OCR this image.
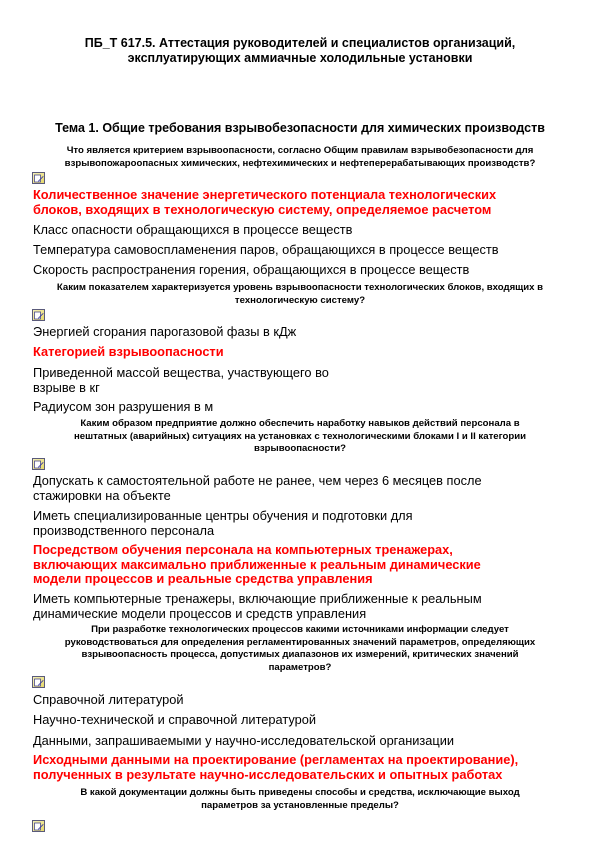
ПБ_Т 617.5. Аттестация руководителей и специалистов организаций,
эксплуатирующих аммиачные холодильные установки
Тема 1. Общие требования взрывобезопасности для химических производств
Что является критерием взрывоопасности, согласно Общим правилам взрывобезопасности для
взрывопожароопасных химических, нефтехимических и нефтеперерабатывающих производств?
Количественное значение энергетического потенциала технологических
блоков, входящих в технологическую систему, определяемое расчетом
Класс опасности обращающихся в процессе веществ
Температура самовоспламенения паров, обращающихся в процессе веществ
Скорость распространения горения, обращающихся в процессе веществ
Каким показателем характеризуется уровень взрывоопасности технологических блоков, входящих в
технологическую систему?
Энергией сгорания парогазовой фазы в кДж
Категорией взрывоопасности
Приведенной массой вещества, участвующего во
взрыве в кг
Радиусом зон разрушения в м
Каким образом предприятие должно обеспечить наработку навыков действий персонала в
нештатных (аварийных) ситуациях на установках с технологическими блоками I и II категории
взрывоопасности?
Допускать к самостоятельной работе не ранее, чем через 6 месяцев после
стажировки на объекте
Иметь специализированные центры обучения и подготовки для
производственного персонала
Посредством обучения персонала на компьютерных тренажерах,
включающих максимально приближенные к реальным динамические
модели процессов и реальные средства управления
Иметь компьютерные тренажеры, включающие приближенные к реальным
динамические модели процессов и средств управления
При разработке технологических процессов какими источниками информации следует
руководствоваться для определения регламентированных значений параметров, определяющих
взрывоопасность процесса, допустимых диапазонов их измерений, критических значений
параметров?
Справочной литературой
Научно-технической и справочной литературой
Данными, запрашиваемыми у научно-исследовательской организации
Исходными данными на проектирование (регламентах на проектирование),
полученных в результате научно-исследовательских и опытных работах
В какой документации должны быть приведены способы и средства, исключающие выход
параметров за установленные пределы?
